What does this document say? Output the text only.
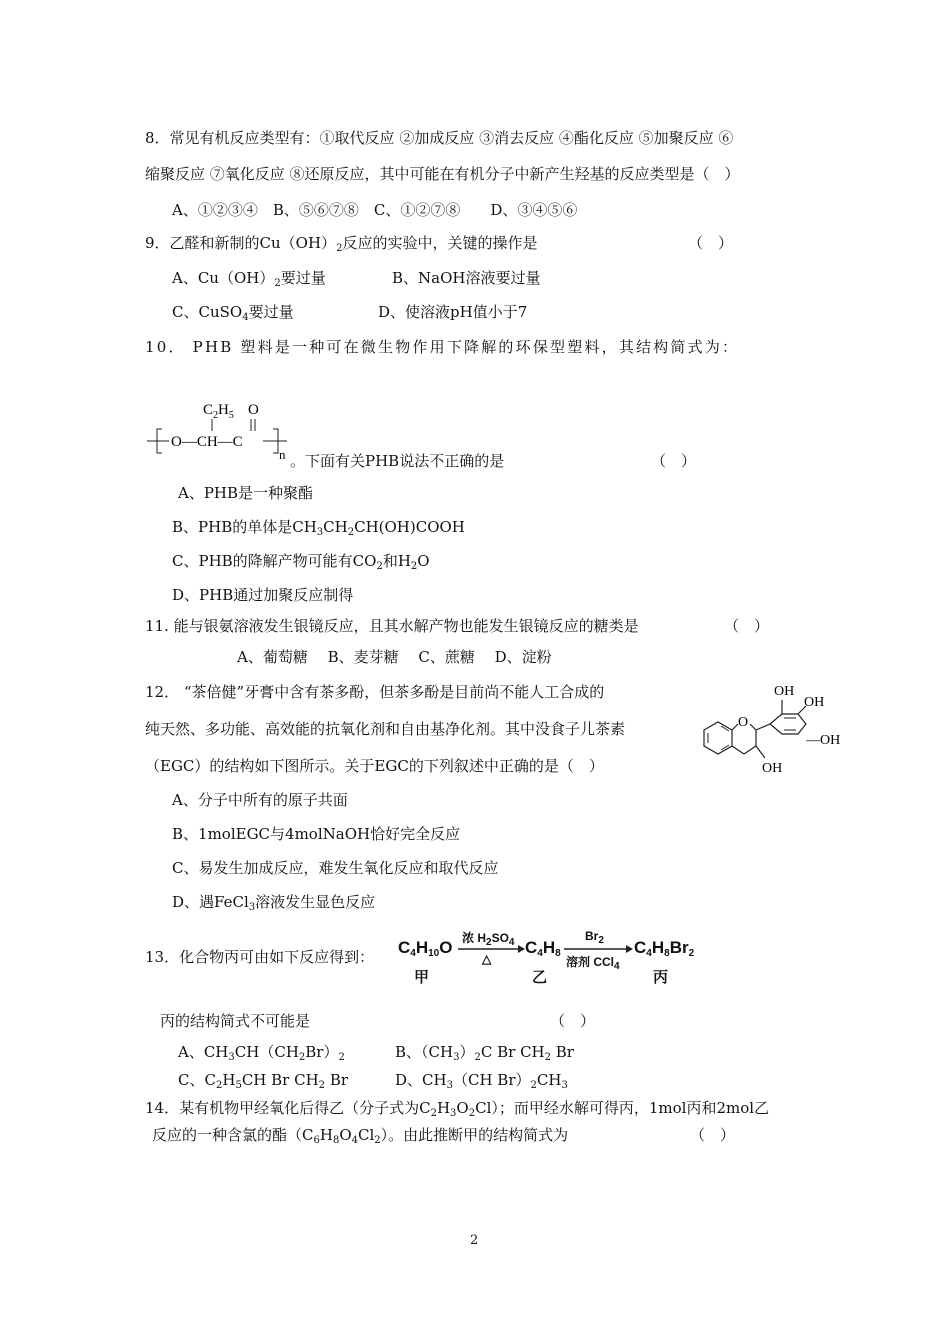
8．常见有机反应类型有：①取代反应 ②加成反应 ③消去反应 ④酯化反应 ⑤加聚反应 ⑥
缩聚反应 ⑦氧化反应 ⑧还原反应，其中可能在有机分子中新产生羟基的反应类型是（　）
A、①②③④　B、⑤⑥⑦⑧　C、①②⑦⑧　　D、③④⑤⑥
9．乙醛和新制的$Cu(OH)_2$反应的实验中，关键的操作是	（　）
A、$Cu(OH)_2$要过量	B、NaOH溶液要过量
C、CuSO$_4$要过量	D、使溶液pH值小于7
10． PHB 塑料是一种可在微生物作用下降解的环保型塑料，其结构简式为：
$C_2H_5$ O
O—CH—C
n 。下面有关PHB说法不正确的是	（　）
A、PHB是一种聚酯
B、PHB的单体是$CH_3CH_2CH(OH)COOH$
C、PHB的降解产物可能有$CO_2$和$H_2O$
D、PHB通过加聚反应制得
11. 能与银氨溶液发生银镜反应，且其水解产物也能发生银镜反应的糖类是	（　）
A、葡萄糖　 B、麦芽糖　 C、蔗糖　 D、淀粉
12． “茶倍健”牙膏中含有茶多酚，但茶多酚是目前尚不能人工合成的
纯天然、多功能、高效能的抗氧化剂和自由基净化剂。其中没食子儿茶素
（EGC）的结构如下图所示。关于EGC的下列叙述中正确的是（　）
A、分子中所有的原子共面
B、1molEGC与4molNaOH恰好完全反应
C、易发生加成反应，难发生氧化反应和取代反应
D、遇FeCl$_3$溶液发生显色反应
O
OH
OH
OH
—OH
13．化合物丙可由如下反应得到： $C_4H_{10}O$ 浓 $H_2SO_4$
△
$C_4H_8$
$Br_2$
溶剂 CCl$_4$
$C_4H_8Br_2$
甲	乙	丙
丙的结构简式不可能是	（　）
A、$CH_3CH(CH_2Br)_2$	B、$(CH_3)_2C$ Br $CH_2$ Br
C、$C_2H_5CH$ Br $CH_2$ Br	D、$CH_3(CH$ $Br)_2CH_3$
14．某有机物甲经氧化后得乙（分子式为$C_2H_3O_2Cl$）；而甲经水解可得丙，1mol丙和2mol乙
反应的一种含氯的酯$(C_6H_8O_4Cl_2)$。由此推断甲的结构简式为	（　）
2
